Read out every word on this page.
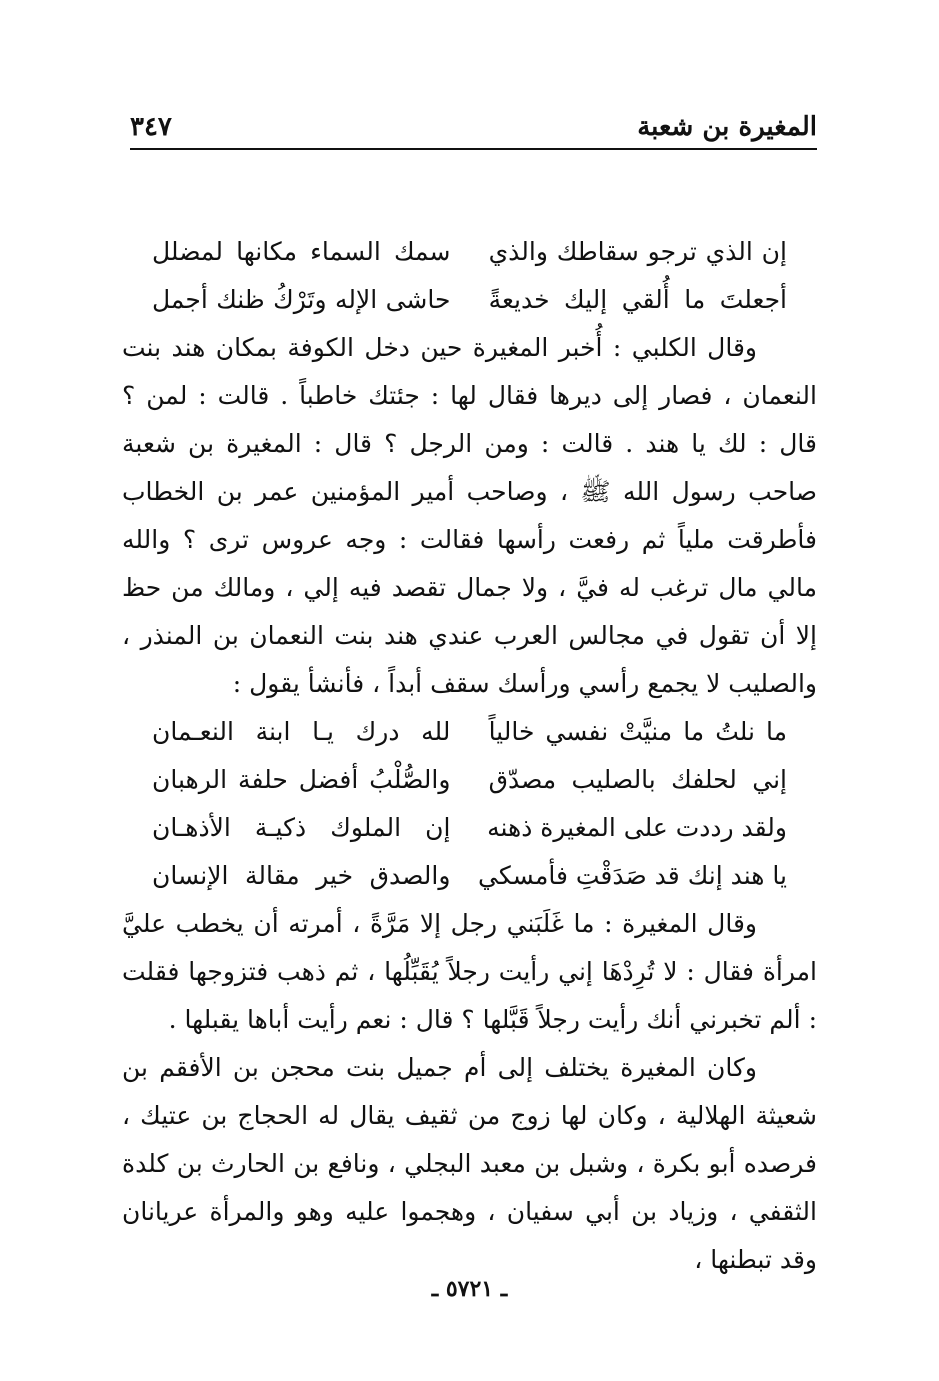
المغيرة بن شعبة
٣٤٧
إن الذي ترجو سقاطك والذي
سمك السماء مكانها لمضلل
أجعلتَ ما أُلقي إليك خديعةً
حاشى الإله وتَرْكُ ظنك أجمل

وقال الكلبي : أُخبر المغيرة حين دخل الكوفة بمكان هند بنت النعمان ، فصار إلى ديرها فقال لها : جئتك خاطباً . قالت : لمن ؟ قال : لك يا هند . قالت : ومن الرجل ؟ قال : المغيرة بن شعبة صاحب رسول الله ﷺ ، وصاحب أمير المؤمنين عمر بن الخطاب فأطرقت ملياً ثم رفعت رأسها فقالت : وجه عروس ترى ؟ والله مالي مال ترغب له فيَّ ، ولا جمال تقصد فيه إلي ، ومالك من حظ إلا أن تقول في مجالس العرب عندي هند بنت النعمان بن المنذر ، والصليب لا يجمع رأسي ورأسك سقف أبداً ، فأنشأ يقول :

ما نلتُ ما منيَّتْ نفسي خالياً
لله درك يـا ابنة النعـمان
إني لحلفك بالصليب مصدّق
والصُّلْبُ أفضل حلفة الرهبان
ولقد رددت على المغيرة ذهنه
إن الملوك ذكيـة الأذهـان
يا هند إنك قد صَدَقْتِ فأمسكي
والصدق خير مقالة الإنسان

وقال المغيرة : ما غَلَبَني رجل إلا مَرَّةً ، أمرته أن يخطب عليَّ امرأة فقال : لا تُرِدْهَا إني رأيت رجلاً يُقَبِّلُها ، ثم ذهب فتزوجها فقلت : ألم تخبرني أنك رأيت رجلاً قَبَّلها ؟ قال : نعم رأيت أباها يقبلها .

وكان المغيرة يختلف إلى أم جميل بنت محجن بن الأفقم بن شعيثة الهلالية ، وكان لها زوج من ثقيف يقال له الحجاج بن عتيك ، فرصده أبو بكرة ، وشبل بن معبد البجلي ، ونافع بن الحارث بن كلدة الثقفي ، وزياد بن أبي سفيان ، وهجموا عليه وهو والمرأة عريانان وقد تبطنها ،

ـ ٥٧٢١ ـ
